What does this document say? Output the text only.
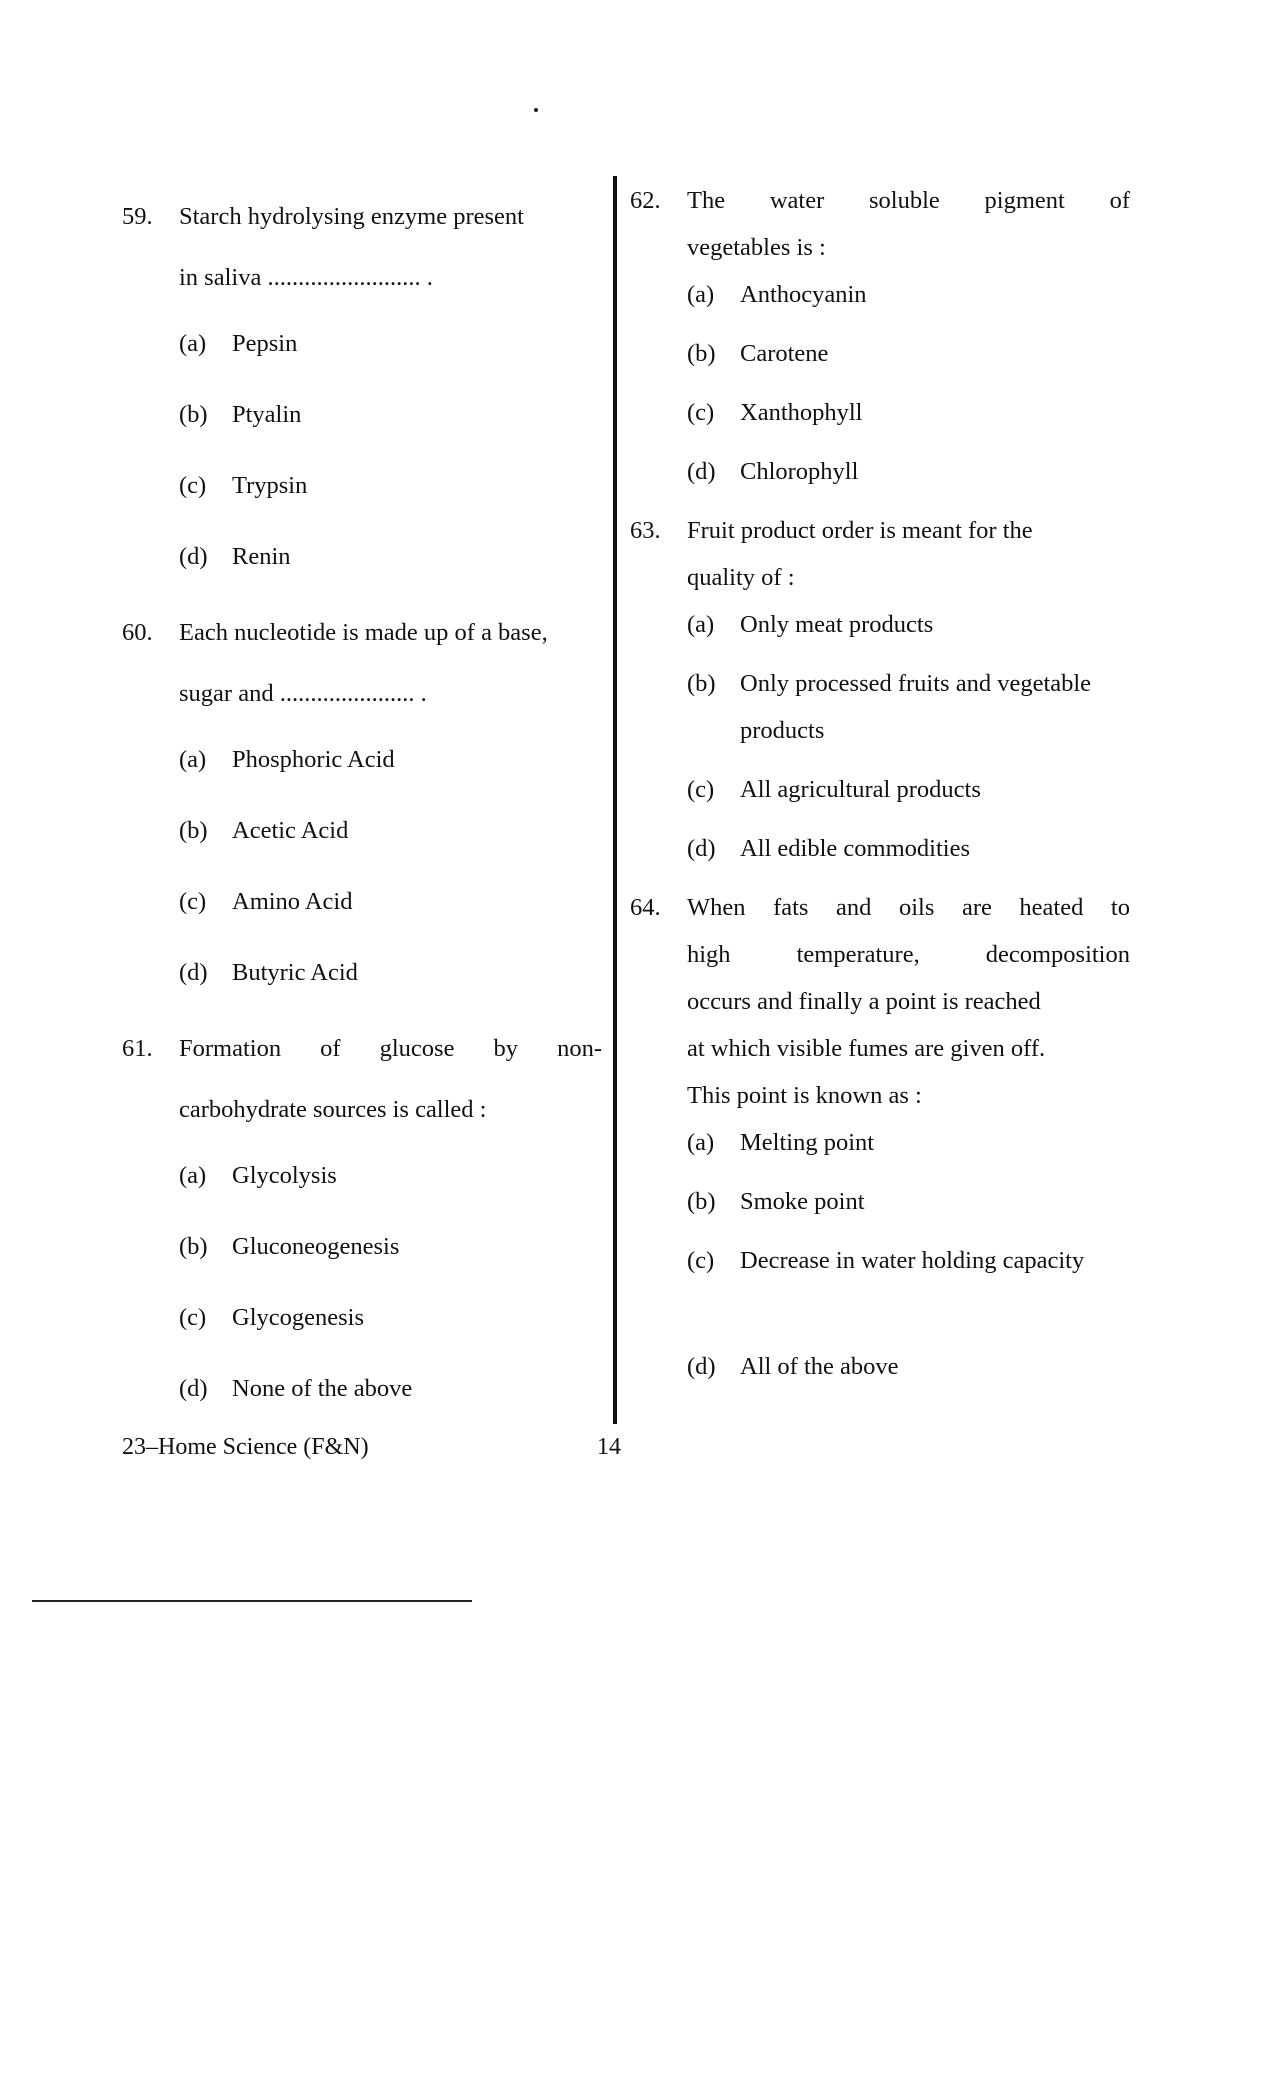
59. Starch hydrolysing enzyme present
in saliva ......................... .
(a) Pepsin
(b) Ptyalin
(c) Trypsin
(d) Renin
60. Each nucleotide is made up of a base,
sugar and ...................... .
(a) Phosphoric Acid
(b) Acetic Acid
(c) Amino Acid
(d) Butyric Acid
61. Formation of glucose by non-
carbohydrate sources is called :
(a) Glycolysis
(b) Gluconeogenesis
(c) Glycogenesis
(d) None of the above
62. The water soluble pigment of
vegetables is :
(a) Anthocyanin
(b) Carotene
(c) Xanthophyll
(d) Chlorophyll
63. Fruit product order is meant for the
quality of :
(a) Only meat products
(b) Only processed fruits and vegetable products
(c) All agricultural products
(d) All edible commodities
64. When fats and oils are heated to
high temperature, decomposition
occurs and finally a point is reached
at which visible fumes are given off.
This point is known as :
(a) Melting point
(b) Smoke point
(c) Decrease in water holding capacity
(d) All of the above
23–Home Science (F&N)	14
